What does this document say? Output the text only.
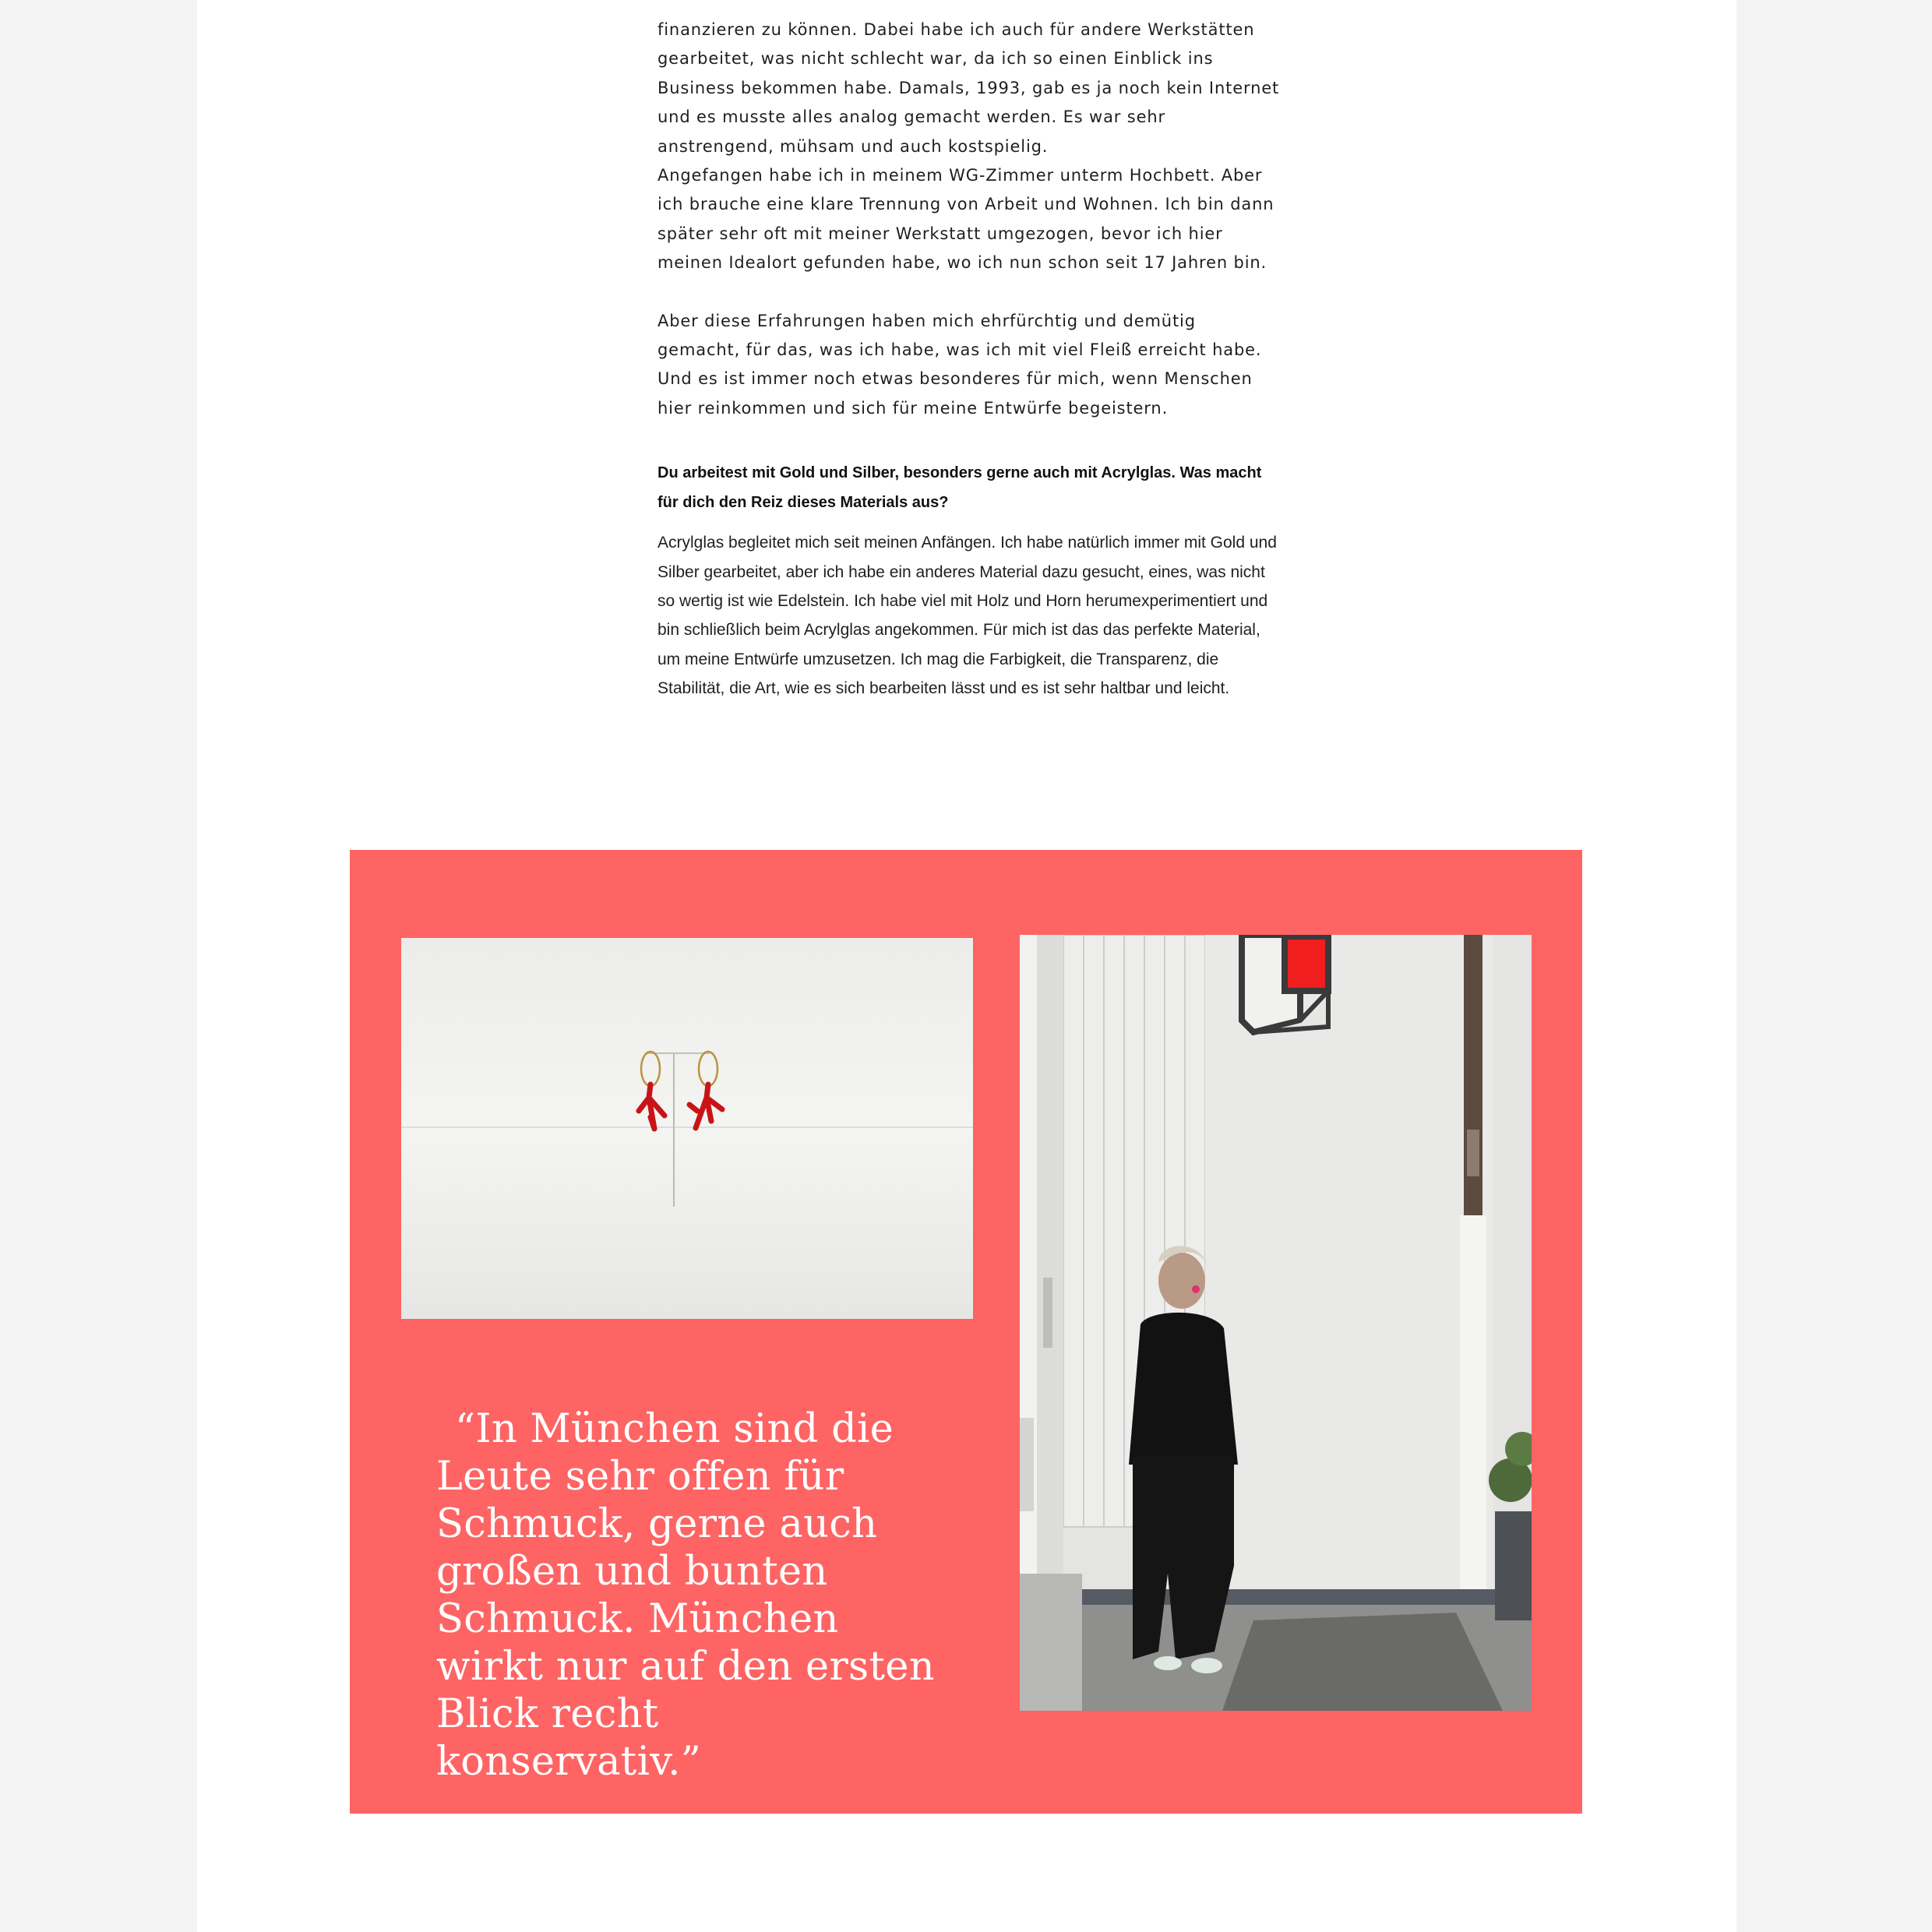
finanzieren zu können. Dabei habe ich auch für andere Werkstätten gearbeitet, was nicht schlecht war, da ich so einen Einblick ins Business bekommen habe. Damals, 1993, gab es ja noch kein Internet und es musste alles analog gemacht werden. Es war sehr anstrengend, mühsam und auch kostspielig.

Angefangen habe ich in meinem WG-Zimmer unterm Hochbett. Aber ich brauche eine klare Trennung von Arbeit und Wohnen. Ich bin dann später sehr oft mit meiner Werkstatt umgezogen, bevor ich hier meinen Idealort gefunden habe, wo ich nun schon seit 17 Jahren bin.

Aber diese Erfahrungen haben mich ehrfürchtig und demütig gemacht, für das, was ich habe, was ich mit viel Fleiß erreicht habe. Und es ist immer noch etwas besonderes für mich, wenn Menschen hier reinkommen und sich für meine Entwürfe begeistern.

Du arbeitest mit Gold und Silber, besonders gerne auch mit Acrylglas. Was macht für dich den Reiz dieses Materials aus?

Acrylglas begleitet mich seit meinen Anfängen. Ich habe natürlich immer mit Gold und Silber gearbeitet, aber ich habe ein anderes Material dazu gesucht, eines, was nicht so wertig ist wie Edelstein. Ich habe viel mit Holz und Horn herumexperimentiert und bin schließlich beim Acrylglas angekommen. Für mich ist das das perfekte Material, um meine Entwürfe umzusetzen. Ich mag die Farbigkeit, die Transparenz, die Stabilität, die Art, wie es sich bearbeiten lässt und es ist sehr haltbar und leicht.

“In München sind die Leute sehr offen für Schmuck, gerne auch großen und bunten Schmuck. München wirkt nur auf den ersten Blick recht konservativ.”
